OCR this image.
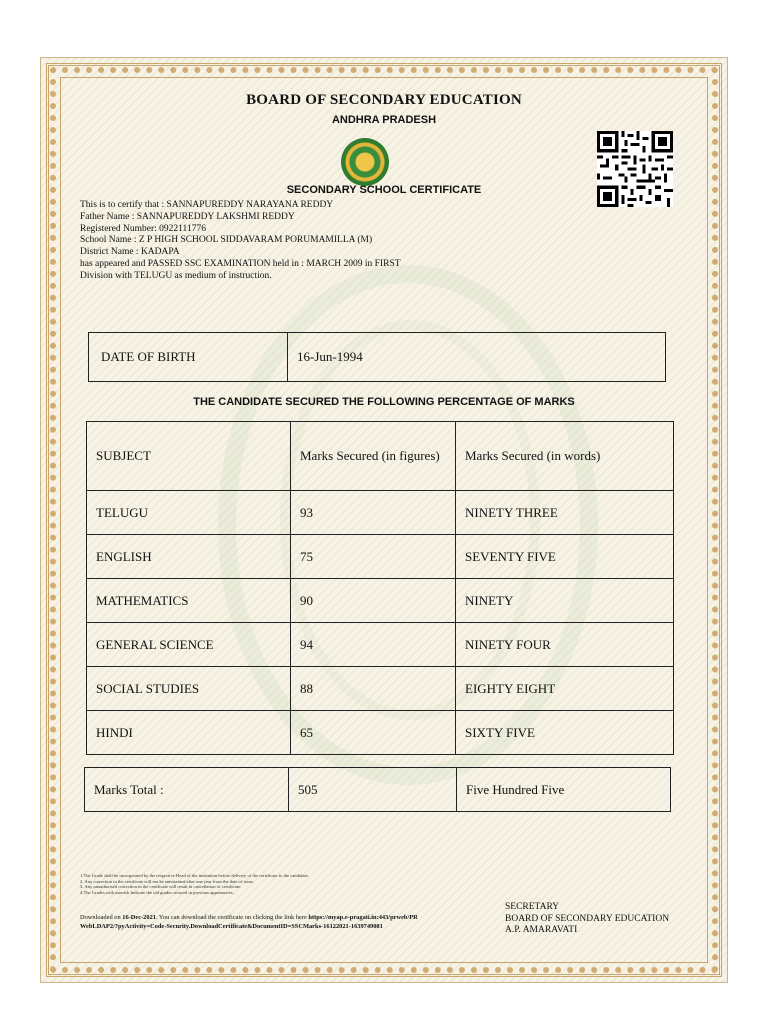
BOARD OF SECONDARY EDUCATION
ANDHRA PRADESH
SECONDARY SCHOOL CERTIFICATE
This is to certify that : SANNAPUREDDY NARAYANA REDDY
Father Name : SANNAPUREDDY LAKSHMI REDDY
Registered Number: 0922111776
School Name : Z P HIGH SCHOOL SIDDAVARAM PORUMAMILLA (M)
District Name : KADAPA
has appeared and PASSED SSC EXAMINATION held in : MARCH 2009 in FIRST
Division with TELUGU as medium of instruction.
DATE OF BIRTH	16-Jun-1994
THE CANDIDATE SECURED THE FOLLOWING PERCENTAGE OF MARKS
SUBJECT	Marks Secured (in figures)	Marks Secured (in words)
TELUGU	93	NINETY THREE
ENGLISH	75	SEVENTY FIVE
MATHEMATICS	90	NINETY
GENERAL SCIENCE	94	NINETY FOUR
SOCIAL STUDIES	88	EIGHTY EIGHT
HINDI	65	SIXTY FIVE
Marks Total :	505	Five Hundred Five
1.The Grade shall be incorporated by the respective Head of the institution before delivery of the certificate to the candidate.
2. Any correction in the certificate will not be entertained after one year from the date of issue.
3. Any unauthorised correction in the certificate will result in cancellation of certificate.
4.The Grades with asterisk Indicate the old grades secured in previous appearances.
Downloaded on 16-Dec-2021. You can download the certificate on clicking the link here https://myap.e-pragati.in:443/prweb/PRWebLDAP2/?pyActivity=Code-Security.DownloadCertificate&DocumentID=SSCMarks-16122021-1639749081
SECRETARY
BOARD OF SECONDARY EDUCATION
A.P. AMARAVATI
